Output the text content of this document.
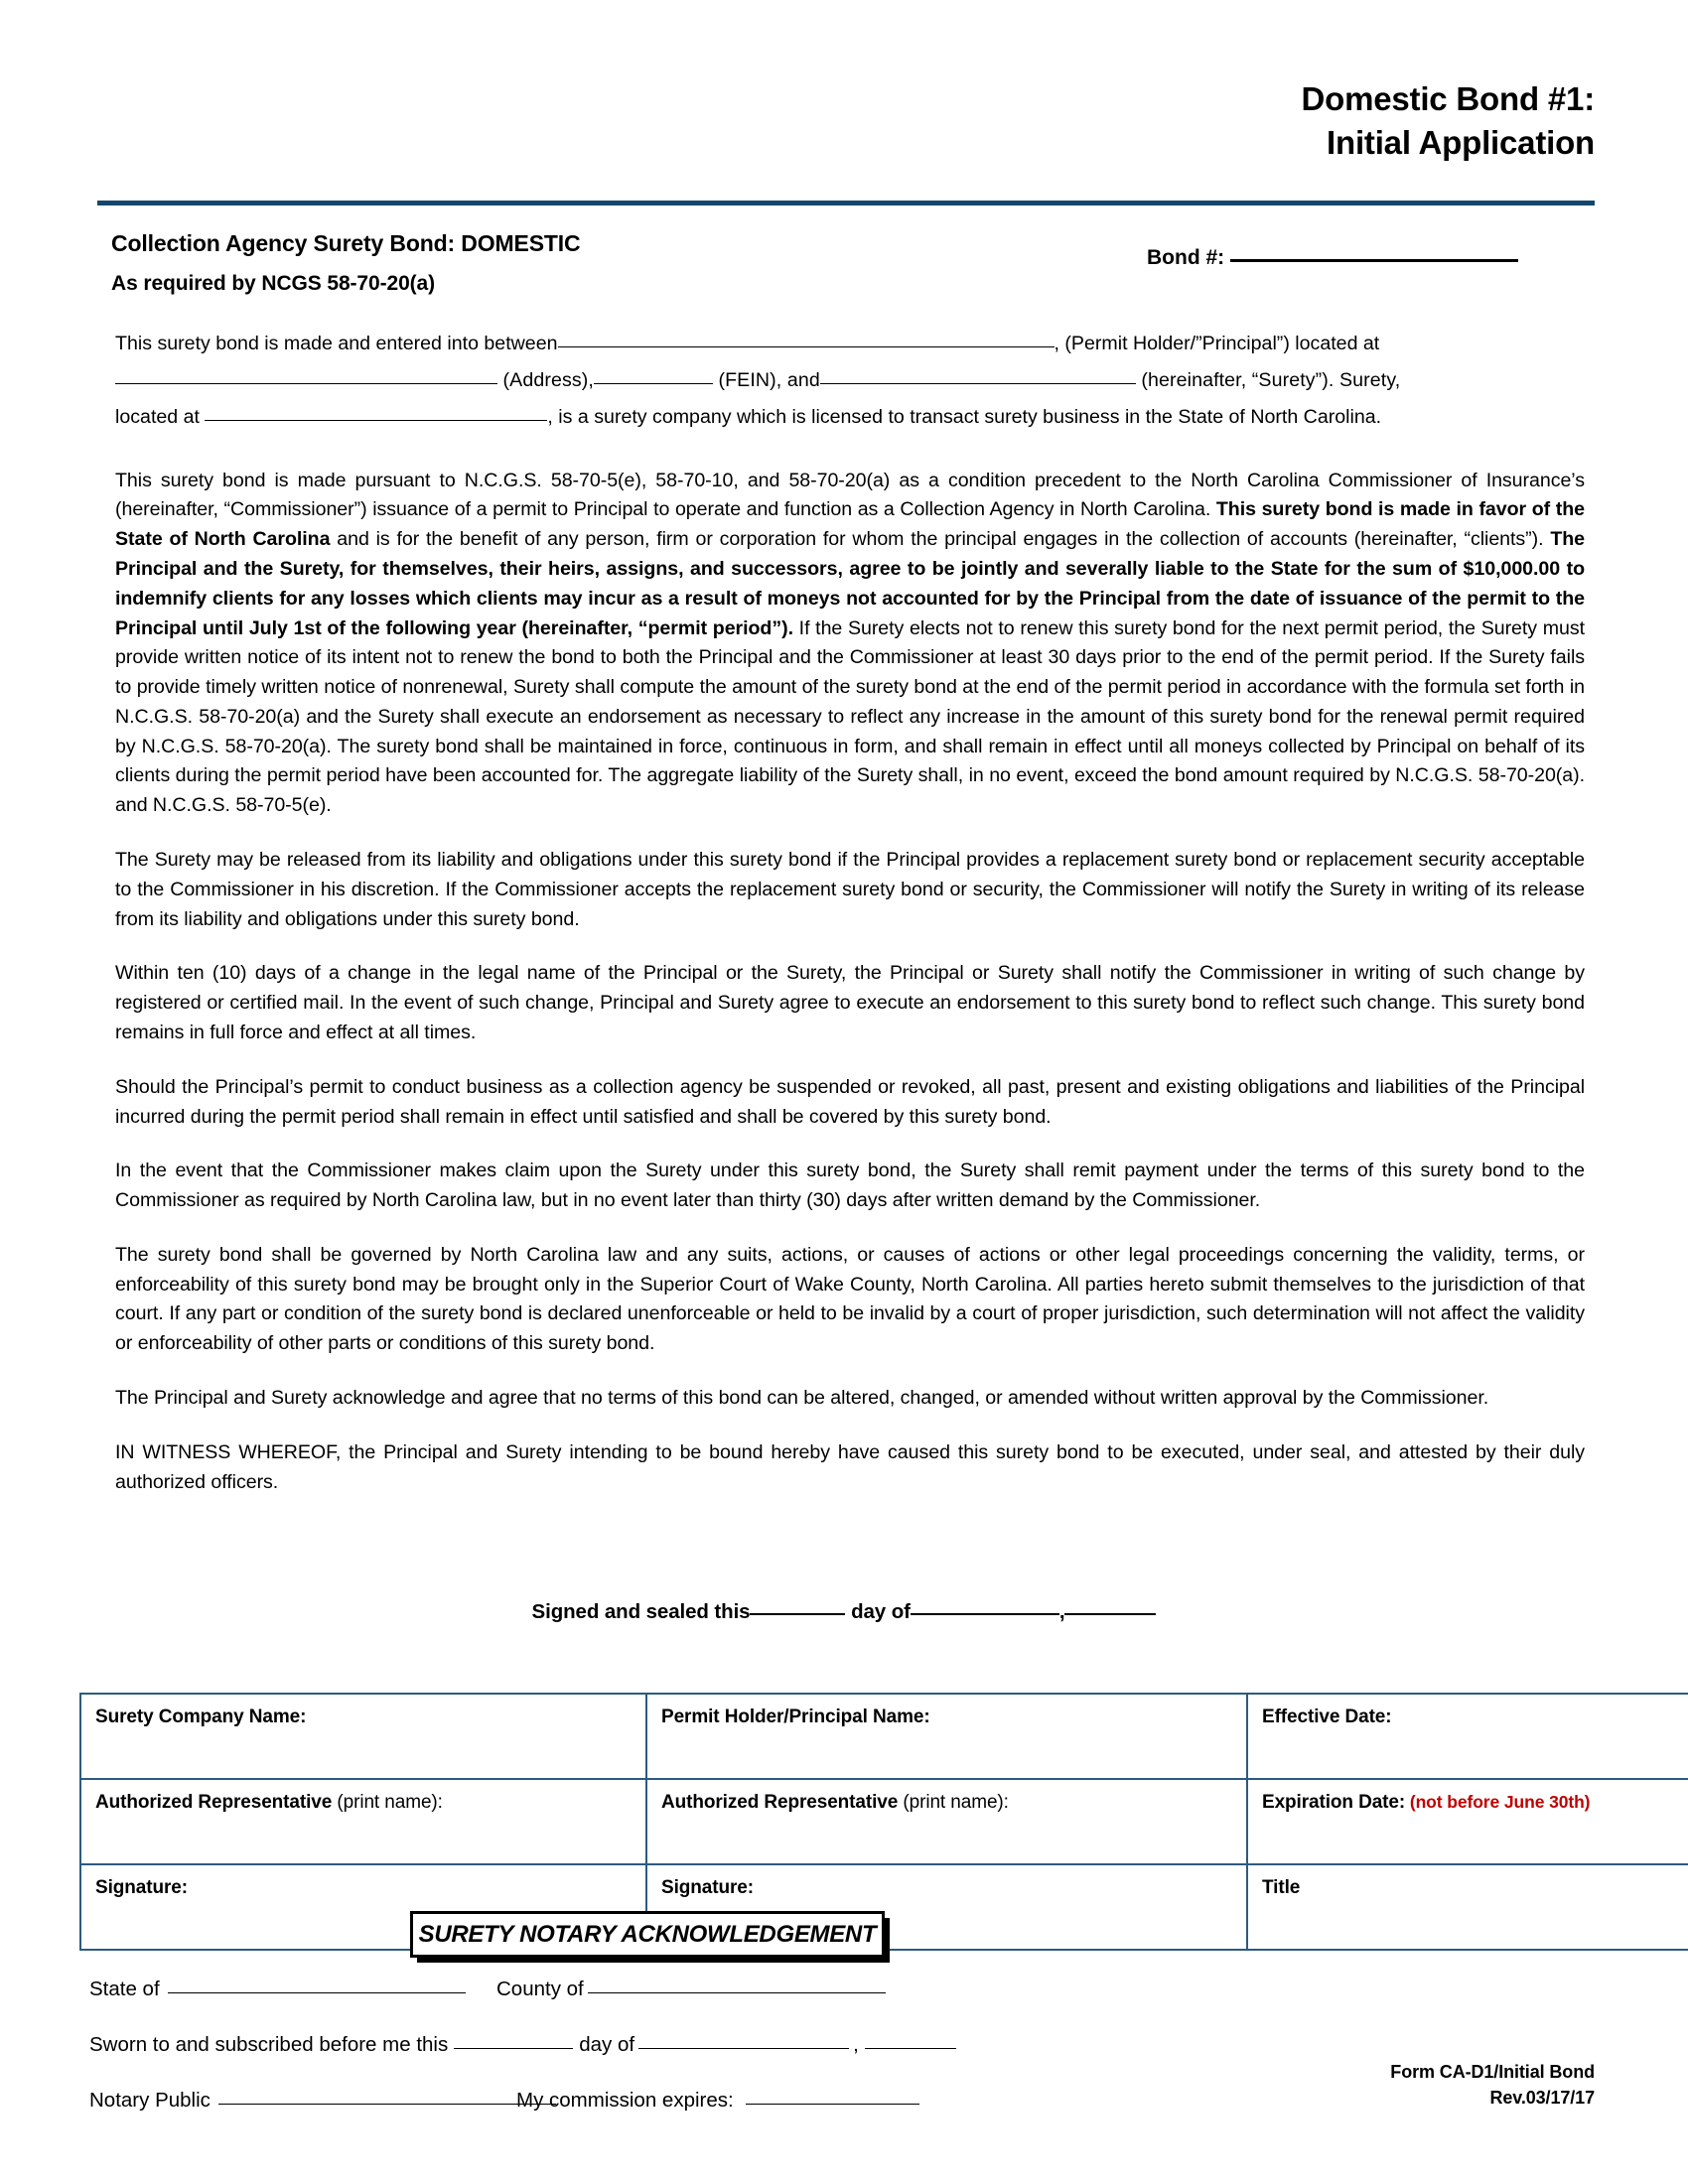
Domestic Bond #1:
Initial Application
Collection Agency Surety Bond: DOMESTIC
As required by NCGS 58-70-20(a)
Bond #:
This surety bond is made and entered into between	, (Permit Holder/”Principal”) located at
(Address),	(FEIN), and	(hereinafter, “Surety”). Surety,
located at	, is a surety company which is licensed to transact surety business in the State of North Carolina.

This surety bond is made pursuant to N.C.G.S. 58-70-5(e), 58-70-10, and 58-70-20(a) as a condition precedent to the North Carolina Commissioner of Insurance’s (hereinafter, “Commissioner”) issuance of a permit to Principal to operate and function as a Collection Agency in North Carolina. This surety bond is made in favor of the State of North Carolina and is for the benefit of any person, firm or corporation for whom the principal engages in the collection of accounts (hereinafter, “clients”). The Principal and the Surety, for themselves, their heirs, assigns, and successors, agree to be jointly and severally liable to the State for the sum of $10,000.00 to indemnify clients for any losses which clients may incur as a result of moneys not accounted for by the Principal from the date of issuance of the permit to the Principal until July 1st of the following year (hereinafter, “permit period”). If the Surety elects not to renew this surety bond for the next permit period, the Surety must provide written notice of its intent not to renew the bond to both the Principal and the Commissioner at least 30 days prior to the end of the permit period. If the Surety fails to provide timely written notice of nonrenewal, Surety shall compute the amount of the surety bond at the end of the permit period in accordance with the formula set forth in N.C.G.S. 58-70-20(a) and the Surety shall execute an endorsement as necessary to reflect any increase in the amount of this surety bond for the renewal permit required by N.C.G.S. 58-70-20(a). The surety bond shall be maintained in force, continuous in form, and shall remain in effect until all moneys collected by Principal on behalf of its clients during the permit period have been accounted for. The aggregate liability of the Surety shall, in no event, exceed the bond amount required by N.C.G.S. 58-70-20(a). and N.C.G.S. 58-70-5(e).

The Surety may be released from its liability and obligations under this surety bond if the Principal provides a replacement surety bond or replacement security acceptable to the Commissioner in his discretion. If the Commissioner accepts the replacement surety bond or security, the Commissioner will notify the Surety in writing of its release from its liability and obligations under this surety bond.

Within ten (10) days of a change in the legal name of the Principal or the Surety, the Principal or Surety shall notify the Commissioner in writing of such change by registered or certified mail. In the event of such change, Principal and Surety agree to execute an endorsement to this surety bond to reflect such change. This surety bond remains in full force and effect at all times.

Should the Principal’s permit to conduct business as a collection agency be suspended or revoked, all past, present and existing obligations and liabilities of the Principal incurred during the permit period shall remain in effect until satisfied and shall be covered by this surety bond.

In the event that the Commissioner makes claim upon the Surety under this surety bond, the Surety shall remit payment under the terms of this surety bond to the Commissioner as required by North Carolina law, but in no event later than thirty (30) days after written demand by the Commissioner.

The surety bond shall be governed by North Carolina law and any suits, actions, or causes of actions or other legal proceedings concerning the validity, terms, or enforceability of this surety bond may be brought only in the Superior Court of Wake County, North Carolina. All parties hereto submit themselves to the jurisdiction of that court. If any part or condition of the surety bond is declared unenforceable or held to be invalid by a court of proper jurisdiction, such determination will not affect the validity or enforceability of other parts or conditions of this surety bond.

The Principal and Surety acknowledge and agree that no terms of this bond can be altered, changed, or amended without written approval by the Commissioner.

IN WITNESS WHEREOF, the Principal and Surety intending to be bound hereby have caused this surety bond to be executed, under seal, and attested by their duly authorized officers.

Signed and sealed this	day of	,
Surety Company Name:	Permit Holder/Principal Name:	Effective Date:
Authorized Representative (print name):	Authorized Representative (print name):	Expiration Date: (not before June 30th)
Signature:	Signature:	Title
SURETY NOTARY ACKNOWLEDGEMENT
State of	County of
Sworn to and subscribed before me this	day of	,
Notary Public	My commission expires:
Form CA-D1/Initial Bond
Rev.03/17/17
